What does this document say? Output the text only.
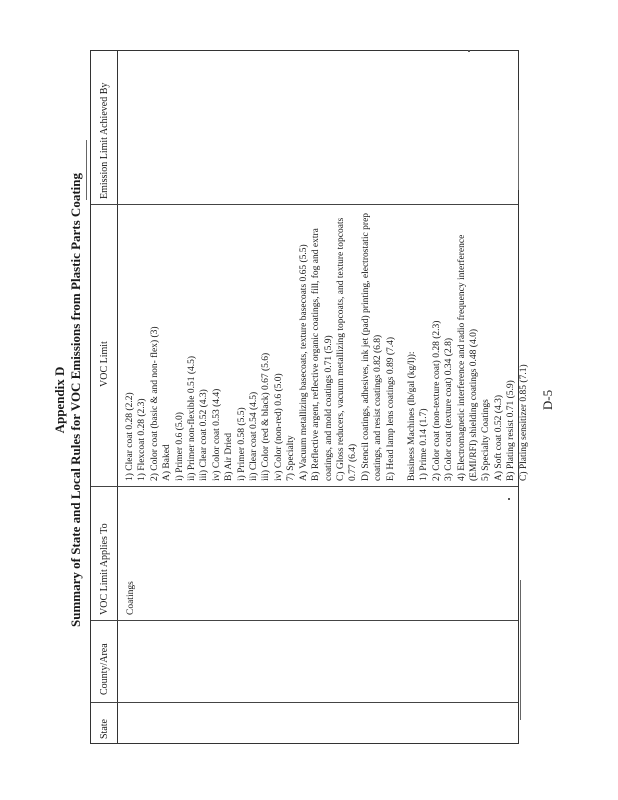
Appendix D Summary of State and Local Rules for VOC Emissions from Plastic Parts Coating
State
County/Area
VOC Limit Applies To
VOC Limit
Emission Limit Achieved By
Coatings
1) Clear coat 0.28 (2.2) 1) Flexcoat 0.28 (2.3) 2) Color coat (basic & and non- flex) (3) A) Baked i) Primer 0.6 (5.0) ii) Primer non-flexible 0.51 (4.5) iii) Clear coat 0.52 (4.3) iv) Color coat 0.53 (4.4) B) Air Dried i) Primer 0.58 (5.5) ii) Clear coat 0.54 (4.5) iii) Color (red & black) 0.67 (5.6) iv) Color (non-red) 0.6 (5.0) 7) Specialty A) Vacuum metallizing basecoats, texture basecoats 0.65 (5.5) B) Reflective argent, reflective organic coatings, fill, fog and extra coatings, and mold coatings 0.71 (5.9) C) Gloss reducers, vacuum metallizing topcoats, and texture topcoats 0.77 (6.4) D) Stencil coatings, adhesives, ink jet (pad) printing, electrostatic prep coatings, and resist coatings 0.82 (6.8) E) Head lamp lens coatings 0.89 (7.4) Business Machines (lb/gal (kg/l)): 1) Prime 0.14 (1.7) 2) Color coat (non-texture coat) 0.28 (2.3) 3) Color coat (texture coat) 0.34 (2.8) 4) Electromagnetic interference and radio frequency interference (EMI/RFI) shielding coatings 0.48 (4.0) 5) Specialty Coatings A) Soft coat 0.52 (4.3) B) Plating resist 0.71 (5.9) C) Plating sensitizer 0.85 (7.1) D-5
